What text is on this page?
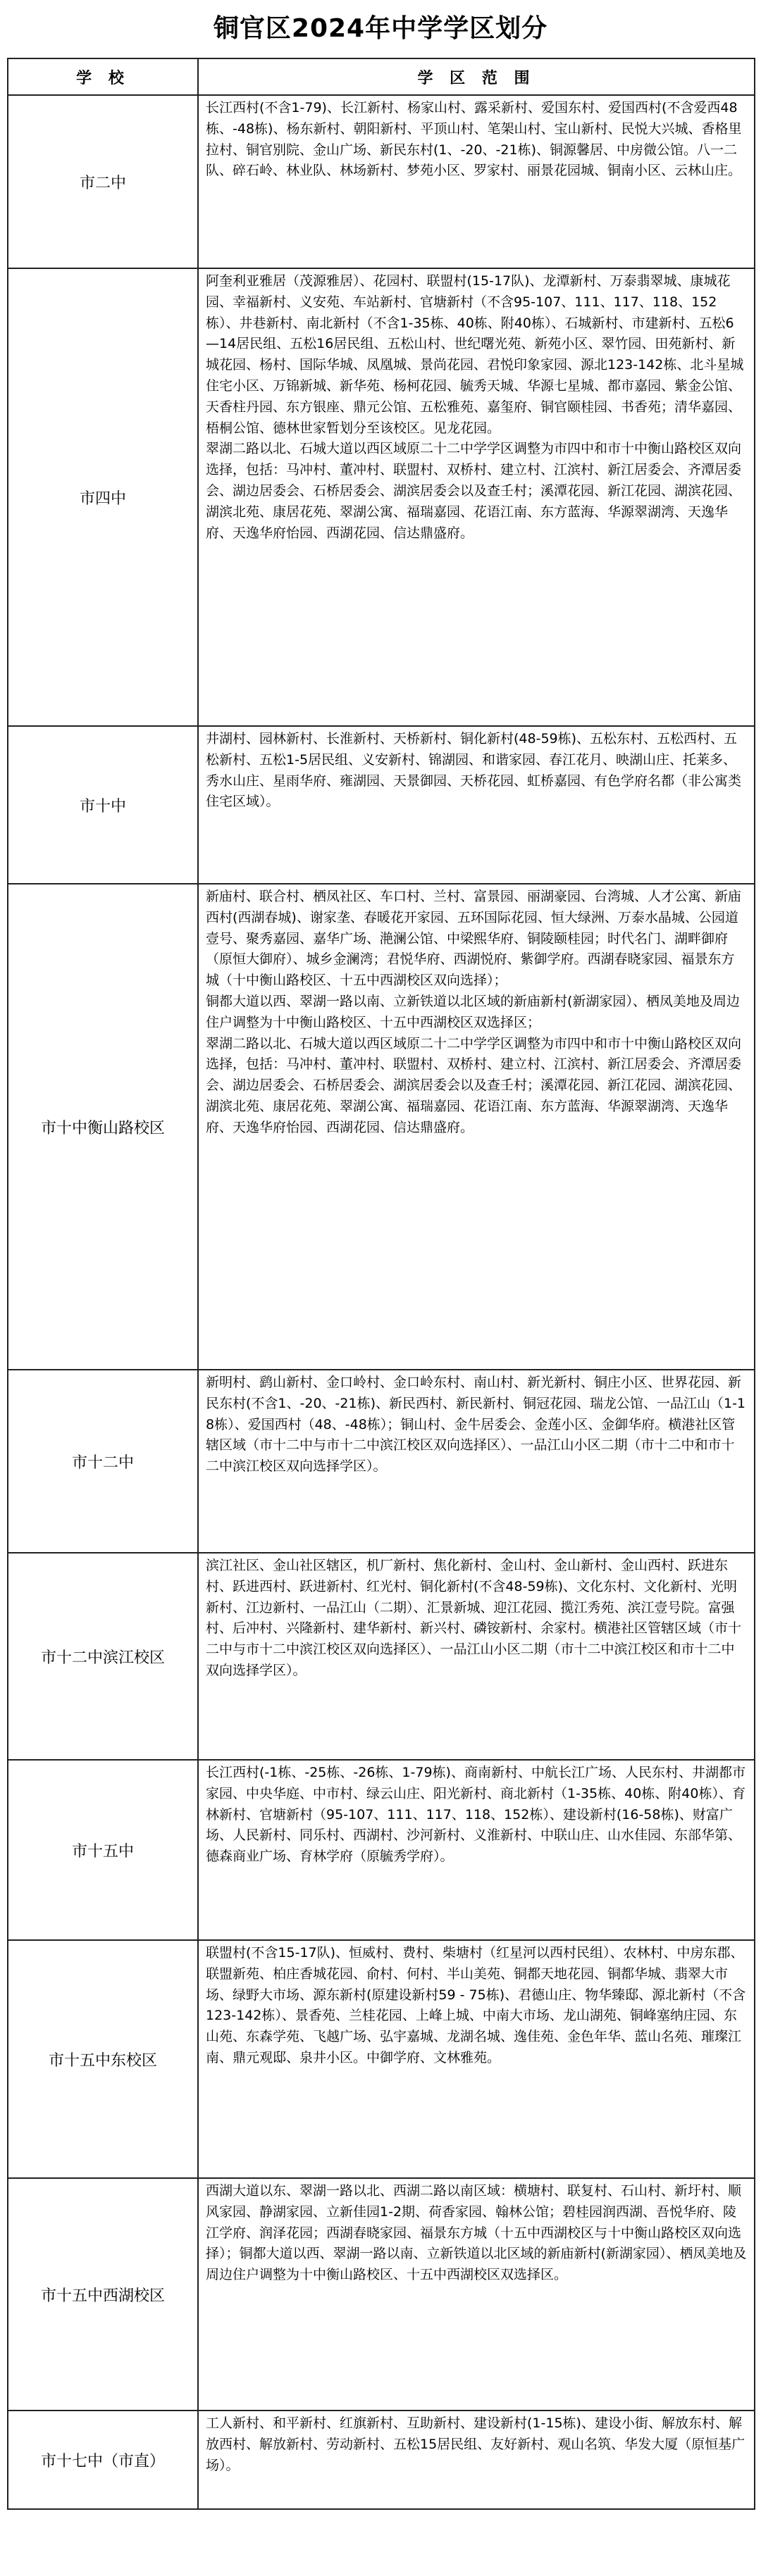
铜官区2024年中学学区划分
学 校	学 区 范 围
市二中	长江西村(不含1-79)、长江新村、杨家山村、露采新村、爱国东村、爱国西村(不含爱西48栋、-48栋)、杨东新村、朝阳新村、平顶山村、笔架山村、宝山新村、民悦大兴城、香格里拉村、铜官别院、金山广场、新民东村(1、-20、-21栋)、铜源馨居、中房微公馆。八一二队、碎石岭、林业队、林场新村、梦苑小区、罗家村、丽景花园城、铜南小区、云林山庄。

市四中	阿奎利亚雅居（茂源雅居）、花园村、联盟村(15-17队)、龙潭新村、万泰翡翠城、康城花园、幸福新村、义安苑、车站新村、官塘新村（不含95-107、111、117、118、152栋）、井巷新村、南北新村（不含1-35栋、40栋、附40栋）、石城新村、市建新村、五松6—14居民组、五松16居民组、五松山村、世纪曙光苑、新苑小区、翠竹园、田苑新村、新城花园、杨村、国际华城、凤凰城、景尚花园、君悦印象家园、源北123-142栋、北斗星城住宅小区、万锦新城、新华苑、杨柯花园、毓秀天城、华源七星城、都市嘉园、紫金公馆、天香柱丹园、东方银座、鼎元公馆、五松雅苑、嘉玺府、铜官颐桂园、书香苑；清华嘉园、梧桐公馆、德林世家暂划分至该校区。见龙花园。
翠湖二路以北、石城大道以西区域原二十二中学学区调整为市四中和市十中衡山路校区双向选择，包括：马冲村、董冲村、联盟村、双桥村、建立村、江滨村、新江居委会、齐潭居委会、湖边居委会、石桥居委会、湖滨居委会以及查壬村；溪潭花园、新江花园、湖滨花园、湖滨北苑、康居花苑、翠湖公寓、福瑞嘉园、花语江南、东方蓝海、华源翠湖湾、天逸华府、天逸华府怡园、西湖花园、信达鼎盛府。

市十中	井湖村、园林新村、长淮新村、天桥新村、铜化新村(48-59栋)、五松东村、五松西村、五松新村、五松1-5居民组、义安新村、锦湖园、和谐家园、春江花月、映湖山庄、托莱多、秀水山庄、星雨华府、雍湖园、天景御园、天桥花园、虹桥嘉园、有色学府名都（非公寓类住宅区域）。

市十中衡山路校区	新庙村、联合村、栖凤社区、车口村、兰村、富景园、丽湖豪园、台湾城、人才公寓、新庙西村(西湖春城)、谢家垄、春暖花开家园、五环国际花园、恒大绿洲、万泰水晶城、公园道壹号、聚秀嘉园、嘉华广场、滟澜公馆、中梁熙华府、铜陵颐桂园；时代名门、湖畔御府（原恒大御府）、城乡金澜湾；君悦华府、西湖悦府、紫御学府。西湖春晓家园、福景东方城（十中衡山路校区、十五中西湖校区双向选择）；
铜都大道以西、翠湖一路以南、立新铁道以北区域的新庙新村(新湖家园）、栖凤美地及周边住户调整为十中衡山路校区、十五中西湖校区双选择区；
翠湖二路以北、石城大道以西区域原二十二中学学区调整为市四中和市十中衡山路校区双向选择，包括：马冲村、董冲村、联盟村、双桥村、建立村、江滨村、新江居委会、齐潭居委会、湖边居委会、石桥居委会、湖滨居委会以及查壬村；溪潭花园、新江花园、湖滨花园、湖滨北苑、康居花苑、翠湖公寓、福瑞嘉园、花语江南、东方蓝海、华源翠湖湾、天逸华府、天逸华府怡园、西湖花园、信达鼎盛府。

市十二中	新明村、鹞山新村、金口岭村、金口岭东村、南山村、新光新村、铜庄小区、世界花园、新民东村(不含1、-20、-21栋)、新民西村、新民新村、铜冠花园、瑞龙公馆、一品江山（1-18栋）、爱国西村（48、-48栋）；铜山村、金牛居委会、金莲小区、金御华府。横港社区管辖区域（市十二中与市十二中滨江校区双向选择区）、一品江山小区二期（市十二中和市十二中滨江校区双向选择学区）。

市十二中滨江校区	滨江社区、金山社区辖区，机厂新村、焦化新村、金山村、金山新村、金山西村、跃进东村、跃进西村、跃进新村、红光村、铜化新村(不含48-59栋)、文化东村、文化新村、光明新村、江边新村、一品江山（二期）、汇景新城、迎江花园、揽江秀苑、滨江壹号院。富强村、后冲村、兴隆新村、建华新村、新兴村、磷铵新村、余家村。横港社区管辖区域（市十二中与市十二中滨江校区双向选择区）、一品江山小区二期（市十二中滨江校区和市十二中双向选择学区）。

市十五中	长江西村(-1栋、-25栋、-26栋、1-79栋)、商南新村、中航长江广场、人民东村、井湖都市家园、中央华庭、中市村、绿云山庄、阳光新村、商北新村（1-35栋、40栋、附40栋）、育林新村、官塘新村（95-107、111、117、118、152栋）、建设新村(16-58栋)、财富广场、人民新村、同乐村、西湖村、沙河新村、义淮新村、中联山庄、山水佳园、东部华第、德森商业广场、育林学府（原毓秀学府）。

市十五中东校区	联盟村(不含15-17队)、恒威村、费村、柴塘村（红星河以西村民组）、农林村、中房东郡、联盟新苑、柏庄香城花园、俞村、何村、半山美苑、铜都天地花园、铜都华城、翡翠大市场、绿野大市场、源东新村(原建设新村59 - 75栋)、君德山庄、物华臻邸、源北新村（不含123-142栋）、景香苑、兰桂花园、上峰上城、中南大市场、龙山湖苑、铜峰塞纳庄园、东山苑、东森学苑、飞越广场、弘宇嘉城、龙湖名城、逸佳苑、金色年华、蓝山名苑、璀璨江南、鼎元观邸、泉井小区。中御学府、文林雅苑。

市十五中西湖校区	西湖大道以东、翠湖一路以北、西湖二路以南区域：横塘村、联复村、石山村、新圩村、顺风家园、静湖家园、立新佳园1-2期、荷香家园、翰林公馆；碧桂园润西湖、吾悦华府、陵江学府、润泽花园；西湖春晓家园、福景东方城（十五中西湖校区与十中衡山路校区双向选择）；铜都大道以西、翠湖一路以南、立新铁道以北区域的新庙新村(新湖家园）、栖凤美地及周边住户调整为十中衡山路校区、十五中西湖校区双选择区。

市十七中（市直）	工人新村、和平新村、红旗新村、互助新村、建设新村(1-15栋)、建设小街、解放东村、解放西村、解放新村、劳动新村、五松15居民组、友好新村、观山名筑、华发大厦（原恒基广场）。
